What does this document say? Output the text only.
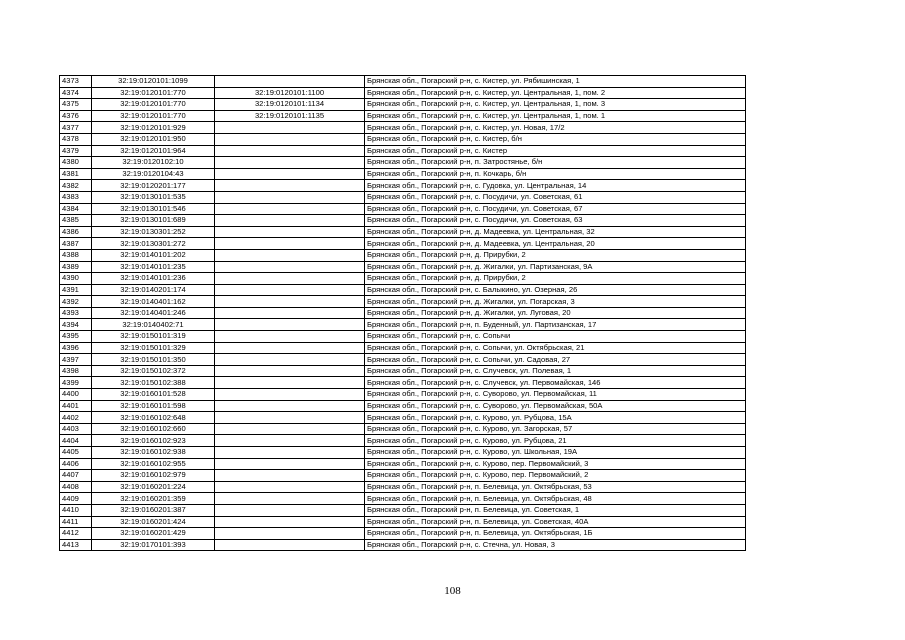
4373	32:19:0120101:1099		Брянская обл., Погарский р-н, с. Кистер, ул. Рябишинская, 1
4374	32:19:0120101:770	32:19:0120101:1100	Брянская обл., Погарский р-н, с. Кистер, ул. Центральная, 1, пом. 2
4375	32:19:0120101:770	32:19:0120101:1134	Брянская обл., Погарский р-н, с. Кистер, ул. Центральная, 1, пом. 3
4376	32:19:0120101:770	32:19:0120101:1135	Брянская обл., Погарский р-н, с. Кистер, ул. Центральная, 1, пом. 1
4377	32:19:0120101:929		Брянская обл., Погарский р-н, с. Кистер, ул. Новая, 17/2
4378	32:19:0120101:950		Брянская обл., Погарский р-н, с. Кистер, б/н
4379	32:19:0120101:964		Брянская обл., Погарский р-н, с. Кистер
4380	32:19:0120102:10		Брянская обл., Погарский р-н, п. Затростянье, б/н
4381	32:19:0120104:43		Брянская обл., Погарский р-н, п. Кочкарь, б/н
4382	32:19:0120201:177		Брянская обл., Погарский р-н, с. Гудовка, ул. Центральная, 14
4383	32:19:0130101:535		Брянская обл., Погарский р-н, с. Посудичи, ул. Советская, 61
4384	32:19:0130101:546		Брянская обл., Погарский р-н, с. Посудичи, ул. Советская, 67
4385	32:19:0130101:689		Брянская обл., Погарский р-н, с. Посудичи, ул. Советская, 63
4386	32:19:0130301:252		Брянская обл., Погарский р-н, д. Мадеевка, ул. Центральная, 32
4387	32:19:0130301:272		Брянская обл., Погарский р-н, д. Мадеевка, ул. Центральная, 20
4388	32:19:0140101:202		Брянская обл., Погарский р-н, д. Прирубки, 2
4389	32:19:0140101:235		Брянская обл., Погарский р-н, д. Жигалки, ул. Партизанская, 9А
4390	32:19:0140101:236		Брянская обл., Погарский р-н, д. Прирубки, 2
4391	32:19:0140201:174		Брянская обл., Погарский р-н, с. Балыкино, ул. Озерная, 26
4392	32:19:0140401:162		Брянская обл., Погарский р-н, д. Жигалки, ул. Погарская, 3
4393	32:19:0140401:246		Брянская обл., Погарский р-н, д. Жигалки, ул. Луговая, 20
4394	32:19:0140402:71		Брянская обл., Погарский р-н, п. Буденный, ул. Партизанская, 17
4395	32:19:0150101:319		Брянская обл., Погарский р-н, с. Сопычи
4396	32:19:0150101:329		Брянская обл., Погарский р-н, с. Сопычи, ул. Октябрьская, 21
4397	32:19:0150101:350		Брянская обл., Погарский р-н, с. Сопычи, ул. Садовая, 27
4398	32:19:0150102:372		Брянская обл., Погарский р-н, с. Случевск, ул. Полевая, 1
4399	32:19:0150102:388		Брянская обл., Погарский р-н, с. Случевск, ул. Первомайская, 146
4400	32:19:0160101:528		Брянская обл., Погарский р-н, с. Суворово, ул. Первомайская, 11
4401	32:19:0160101:598		Брянская обл., Погарский р-н, с. Суворово, ул. Первомайская, 50А
4402	32:19:0160102:648		Брянская обл., Погарский р-н, с. Курово, ул. Рубцова, 15А
4403	32:19:0160102:660		Брянская обл., Погарский р-н, с. Курово, ул. Загорская, 57
4404	32:19:0160102:923		Брянская обл., Погарский р-н, с. Курово, ул. Рубцова, 21
4405	32:19:0160102:938		Брянская обл., Погарский р-н, с. Курово, ул. Школьная, 19А
4406	32:19:0160102:955		Брянская обл., Погарский р-н, с. Курово, пер. Первомайский, 3
4407	32:19:0160102:979		Брянская обл., Погарский р-н, с. Курово, пер. Первомайский, 2
4408	32:19:0160201:224		Брянская обл., Погарский р-н, п. Белевица, ул. Октябрьская, 53
4409	32:19:0160201:359		Брянская обл., Погарский р-н, п. Белевица, ул. Октябрьская, 48
4410	32:19:0160201:387		Брянская обл., Погарский р-н, п. Белевица, ул. Советская, 1
4411	32:19:0160201:424		Брянская обл., Погарский р-н, п. Белевица, ул. Советская, 40А
4412	32:19:0160201:429		Брянская обл., Погарский р-н, п. Белевица, ул. Октябрьская, 1Б
4413	32:19:0170101:393		Брянская обл., Погарский р-н, с. Стечна, ул. Новая, 3
108
